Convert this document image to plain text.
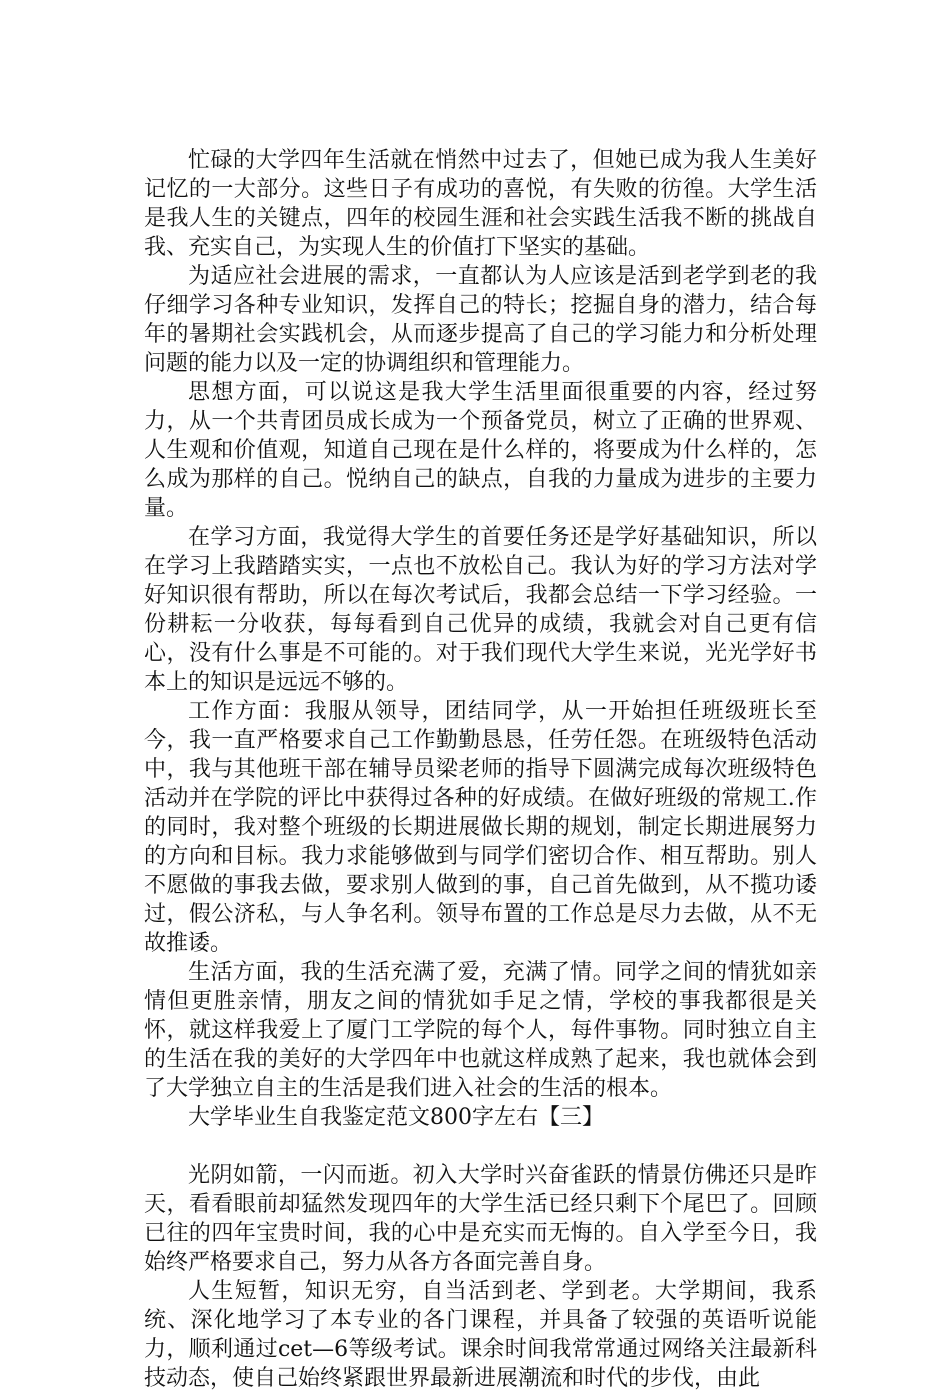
忙碌的大学四年生活就在悄然中过去了，但她已成为我人生美好记忆的一大部分。这些日子有成功的喜悦，有失败的彷徨。大学生活是我人生的关键点，四年的校园生涯和社会实践生活我不断的挑战自我、充实自己，为实现人生的价值打下坚实的基础。

为适应社会进展的需求，一直都认为人应该是活到老学到老的我仔细学习各种专业知识，发挥自己的特长；挖掘自身的潜力，结合每年的暑期社会实践机会，从而逐步提高了自己的学习能力和分析处理问题的能力以及一定的协调组织和管理能力。

思想方面，可以说这是我大学生活里面很重要的内容，经过努力，从一个共青团员成长成为一个预备党员，树立了正确的世界观、人生观和价值观，知道自己现在是什么样的，将要成为什么样的，怎么成为那样的自己。悦纳自己的缺点，自我的力量成为进步的主要力量。

在学习方面，我觉得大学生的首要任务还是学好基础知识，所以在学习上我踏踏实实，一点也不放松自己。我认为好的学习方法对学好知识很有帮助，所以在每次考试后，我都会总结一下学习经验。一份耕耘一分收获，每每看到自己优异的成绩，我就会对自己更有信心，没有什么事是不可能的。对于我们现代大学生来说，光光学好书本上的知识是远远不够的。

工作方面：我服从领导，团结同学，从一开始担任班级班长至今，我一直严格要求自己工作勤勤恳恳，任劳任怨。在班级特色活动中，我与其他班干部在辅导员梁老师的指导下圆满完成每次班级特色活动并在学院的评比中获得过各种的好成绩。在做好班级的常规工.作的同时，我对整个班级的长期进展做长期的规划，制定长期进展努力的方向和目标。我力求能够做到与同学们密切合作、相互帮助。别人不愿做的事我去做，要求别人做到的事，自己首先做到，从不揽功诿过，假公济私，与人争名利。领导布置的工作总是尽力去做，从不无故推诿。

生活方面，我的生活充满了爱，充满了情。同学之间的情犹如亲情但更胜亲情，朋友之间的情犹如手足之情，学校的事我都很是关怀，就这样我爱上了厦门工学院的每个人，每件事物。同时独立自主的生活在我的美好的大学四年中也就这样成熟了起来，我也就体会到了大学独立自主的生活是我们进入社会的生活的根本。

大学毕业生自我鉴定范文800字左右【三】

光阴如箭，一闪而逝。初入大学时兴奋雀跃的情景仿佛还只是昨天，看看眼前却猛然发现四年的大学生活已经只剩下个尾巴了。回顾已往的四年宝贵时间，我的心中是充实而无悔的。自入学至今日，我始终严格要求自己，努力从各方各面完善自身。

人生短暂，知识无穷，自当活到老、学到老。大学期间，我系统、深化地学习了本专业的各门课程，并具备了较强的英语听说能力，顺利通过cet—6等级考试。课余时间我常常通过网络关注最新科技动态，使自己始终紧跟世界最新进展潮流和时代的步伐，由此
